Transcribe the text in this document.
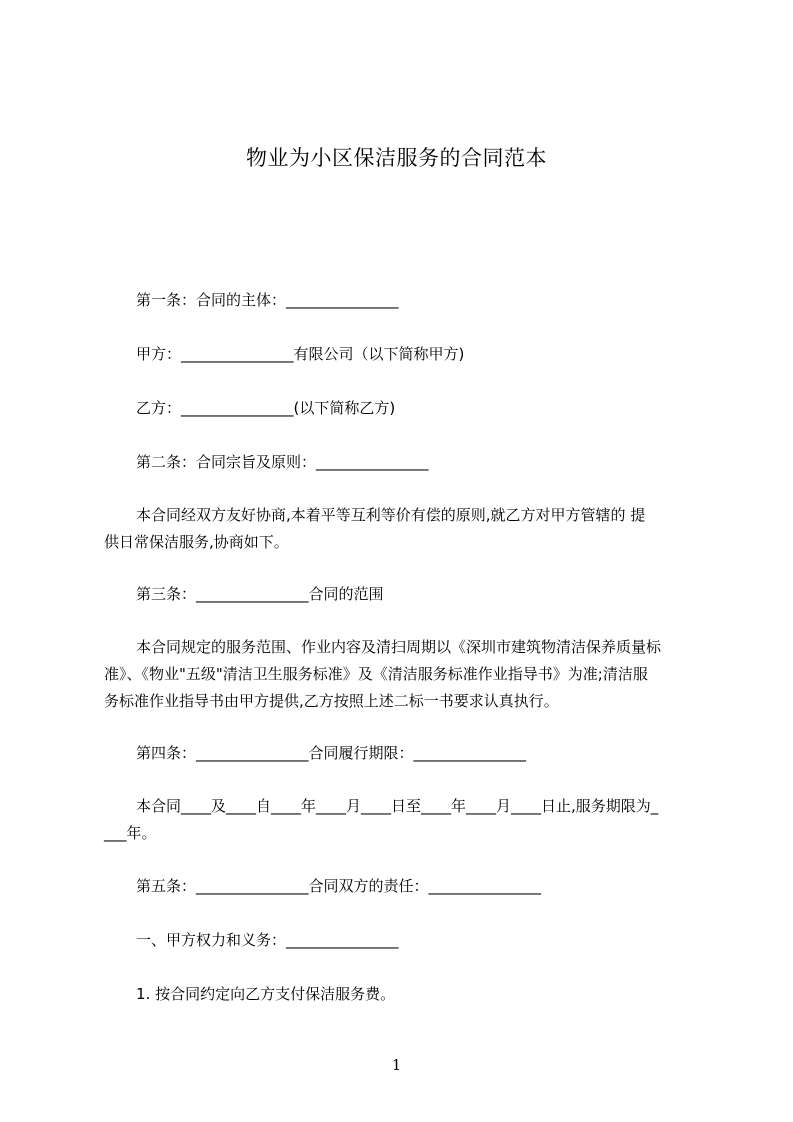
物业为小区保洁服务的合同范本
第一条：合同的主体：_______________
甲方：_______________有限公司（以下简称甲方)
乙方：_______________(以下简称乙方)
第二条：合同宗旨及原则：_______________
本合同经双方友好协商,本着平等互利等价有偿的原则,就乙方对甲方管辖的 提
供日常保洁服务,协商如下。
第三条：_______________合同的范围
本合同规定的服务范围、作业内容及清扫周期以《深圳市建筑物清洁保养质量标
准》、《物业"五级"清洁卫生服务标准》及《清洁服务标准作业指导书》为准;清洁服
务标准作业指导书由甲方提供,乙方按照上述二标一书要求认真执行。
第四条：_______________合同履行期限：_______________
本合同____及____自____年____月____日至____年____月____日止,服务期限为_
___年。
第五条：_______________合同双方的责任：_______________
一、甲方权力和义务：_______________
1. 按合同约定向乙方支付保洁服务费。
1
